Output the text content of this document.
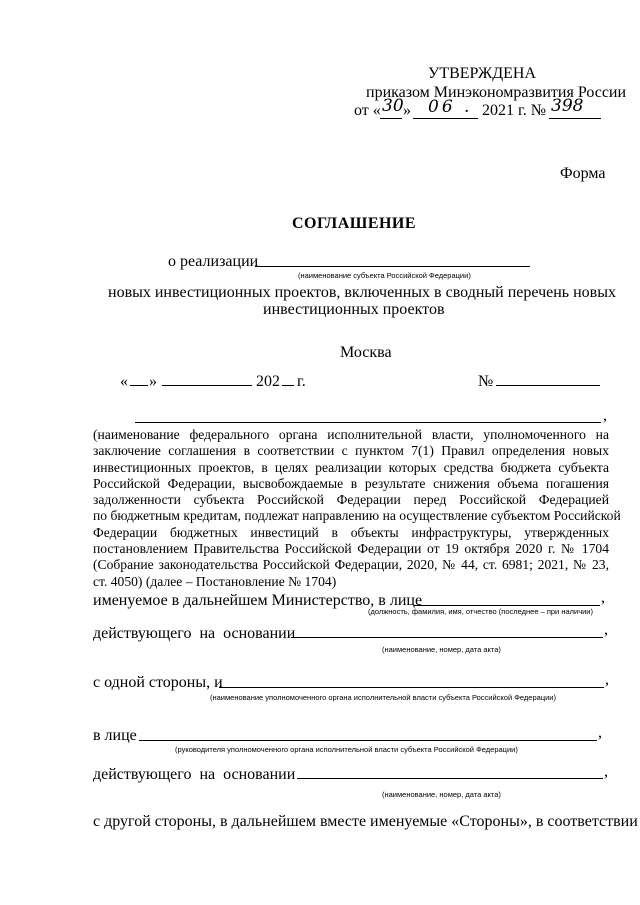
УТВЕРЖДЕНА
приказом Минэкономразвития России
от « 30 » 06 . 2021 г. № 398
Форма
СОГЛАШЕНИЕ
о реализации
(наименование субъекта Российской Федерации)
новых инвестиционных проектов, включенных в сводный перечень новых
инвестиционных проектов
Москва
« »	202 г.	№
,
(наименование федерального органа исполнительной власти, уполномоченного на
заключение соглашения в соответствии с пунктом 7(1) Правил определения новых
инвестиционных проектов, в целях реализации которых средства бюджета субъекта
Российской Федерации, высвобождаемые в результате снижения объема погашения
задолженности субъекта Российской Федерации перед Российской Федерацией
по бюджетным кредитам, подлежат направлению на осуществление субъектом Российской
Федерации бюджетных инвестиций в объекты инфраструктуры, утвержденных
постановлением Правительства Российской Федерации от 19 октября 2020 г. № 1704
(Собрание законодательства Российской Федерации, 2020, № 44, ст. 6981; 2021, № 23,
ст. 4050) (далее – Постановление № 1704)
именуемое в дальнейшем Министерство, в лице	,
(должность, фамилия, имя, отчество (последнее – при наличии)
действующего на основании	,
(наименование, номер, дата акта)
с одной стороны, и	,
(наименование уполномоченного органа исполнительной власти субъекта Российской Федерации)
в лице	,
(руководителя уполномоченного органа исполнительной власти субъекта Российской Федерации)
действующего на основании	,
(наименование, номер, дата акта)
с другой стороны, в дальнейшем вместе именуемые «Стороны», в соответствии
